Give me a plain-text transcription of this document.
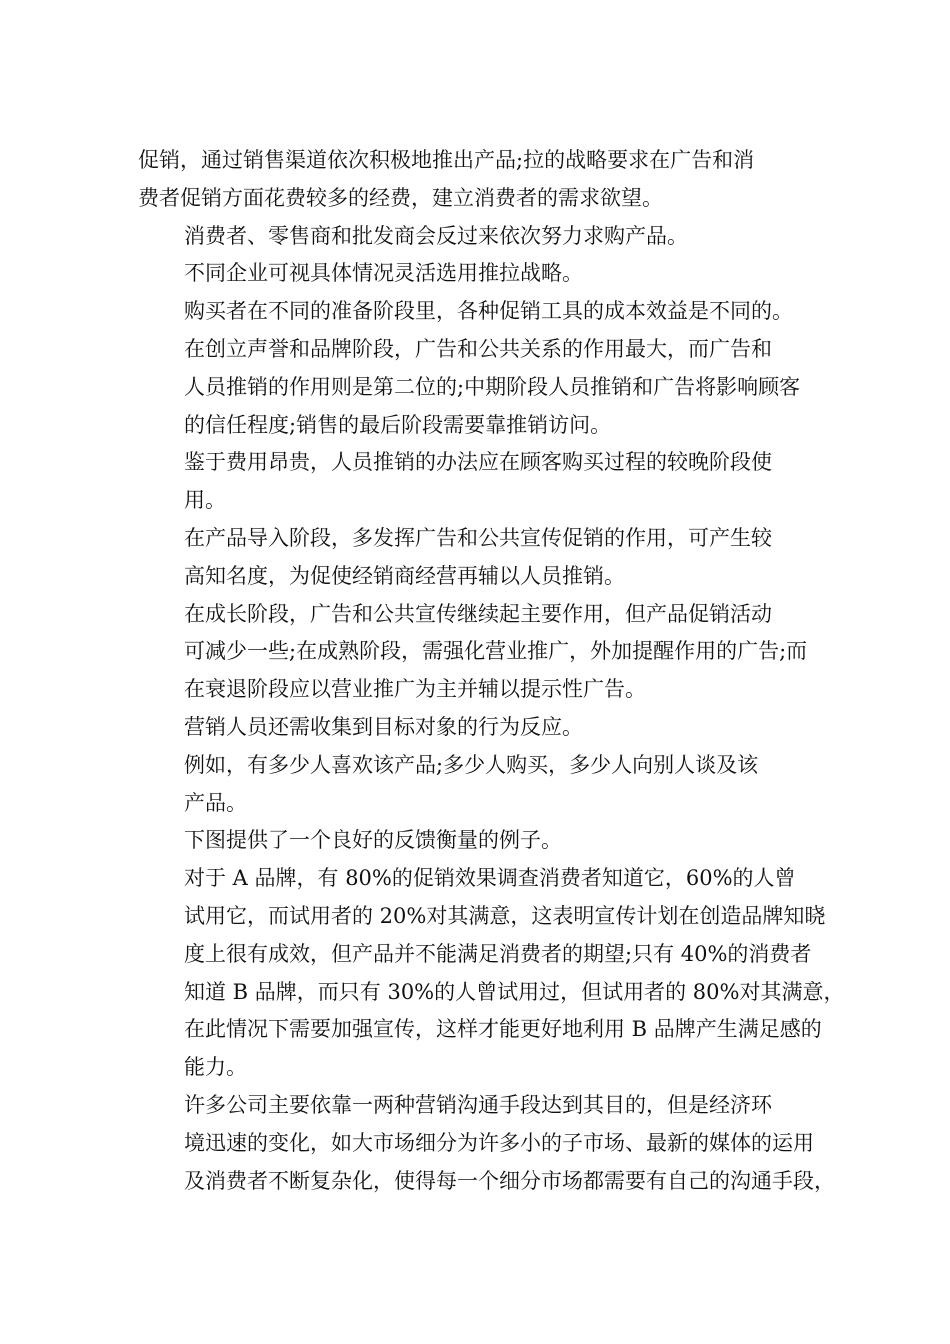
促销，通过销售渠道依次积极地推出产品;拉的战略要求在广告和消
费者促销方面花费较多的经费，建立消费者的需求欲望。

消费者、零售商和批发商会反过来依次努力求购产品。

不同企业可视具体情况灵活选用推拉战略。

购买者在不同的准备阶段里，各种促销工具的成本效益是不同的。

在创立声誉和品牌阶段，广告和公共关系的作用最大，而广告和
人员推销的作用则是第二位的;中期阶段人员推销和广告将影响顾客
的信任程度;销售的最后阶段需要靠推销访问。

鉴于费用昂贵，人员推销的办法应在顾客购买过程的较晚阶段使
用。

在产品导入阶段，多发挥广告和公共宣传促销的作用，可产生较
高知名度，为促使经销商经营再辅以人员推销。

在成长阶段，广告和公共宣传继续起主要作用，但产品促销活动
可减少一些;在成熟阶段，需强化营业推广，外加提醒作用的广告;而
在衰退阶段应以营业推广为主并辅以提示性广告。

营销人员还需收集到目标对象的行为反应。

例如，有多少人喜欢该产品;多少人购买，多少人向别人谈及该
产品。

下图提供了一个良好的反馈衡量的例子。

对于 A 品牌，有 80%的促销效果调查消费者知道它，60%的人曾
试用它，而试用者的 20%对其满意，这表明宣传计划在创造品牌知晓
度上很有成效，但产品并不能满足消费者的期望;只有 40%的消费者
知道 B 品牌，而只有 30%的人曾试用过，但试用者的 80%对其满意，
在此情况下需要加强宣传，这样才能更好地利用 B 品牌产生满足感的
能力。

许多公司主要依靠一两种营销沟通手段达到其目的，但是经济环
境迅速的变化，如大市场细分为许多小的子市场、最新的媒体的运用
及消费者不断复杂化，使得每一个细分市场都需要有自己的沟通手段，
